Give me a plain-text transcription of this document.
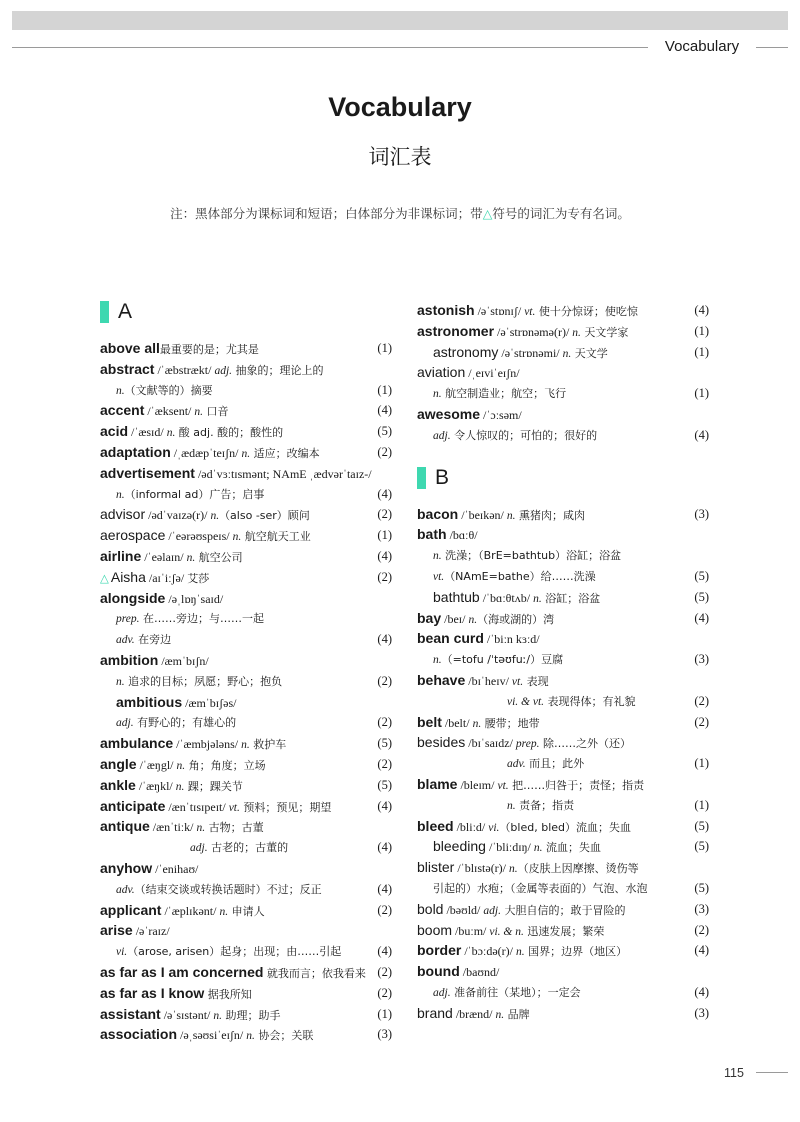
Vocabulary
Vocabulary
词汇表
注：黑体部分为课标词和短语；白体部分为非课标词；带△符号的词汇为专有名词。
A
above all最重要的是；尤其是	(1)
abstract /ˈæbstrækt/ adj. 抽象的；理论上的
n.（文献等的）摘要	(1)
accent /ˈæksent/ n. 口音	(4)
acid /ˈæsɪd/ n. 酸 adj. 酸的；酸性的	(5)
adaptation /ˌædæpˈteɪʃn/ n. 适应；改编本	(2)
advertisement /ədˈvɜːtɪsmənt; NAmE ˌædvərˈtaɪz-/
n.（informal ad）广告；启事	(4)
advisor /ədˈvaɪzə(r)/ n.（also -ser）顾问	(2)
aerospace /ˈeərəʊspeɪs/ n. 航空航天工业	(1)
airline /ˈeəlaɪn/ n. 航空公司	(4)
△ Aisha /aɪˈiːʃə/ 艾莎	(2)
alongside /əˌlɒŋˈsaɪd/
prep. 在……旁边；与……一起
adv. 在旁边	(4)
ambition /æmˈbɪʃn/
n. 追求的目标；夙愿；野心；抱负	(2)
ambitious /æmˈbɪʃəs/
adj. 有野心的；有雄心的	(2)
ambulance /ˈæmbjələns/ n. 救护车	(5)
angle /ˈæŋgl/ n. 角；角度；立场	(2)
ankle /ˈæŋkl/ n. 踝；踝关节	(5)
anticipate /ænˈtɪsɪpeɪt/ vt. 预料；预见；期望	(4)
antique /ænˈtiːk/ n. 古物；古董
adj. 古老的；古董的	(4)
anyhow /ˈenihaʊ/
adv.（结束交谈或转换话题时）不过；反正	(4)
applicant /ˈæplɪkənt/ n. 申请人	(2)
arise /əˈraɪz/
vi.（arose, arisen）起身；出现；由……引起	(4)
as far as I am concerned 就我而言；依我看来 (2)
as far as I know 据我所知	(2)
assistant /əˈsɪstənt/ n. 助理；助手	(1)
association /əˌsəʊsiˈeɪʃn/ n. 协会；关联	(3)
astonish /əˈstɒnɪʃ/ vt. 使十分惊讶；使吃惊	(4)
astronomer /əˈstrɒnəmə(r)/ n. 天文学家	(1)
astronomy /əˈstrɒnəmi/ n. 天文学	(1)
aviation /ˌeɪviˈeɪʃn/
n. 航空制造业；航空；飞行	(1)
awesome /ˈɔːsəm/
adj. 令人惊叹的；可怕的；很好的	(4)
B
bacon /ˈbeɪkən/ n. 熏猪肉；咸肉	(3)
bath /bɑːθ/
n. 洗澡；（BrE=bathtub）浴缸；浴盆
vt.（NAmE=bathe）给……洗澡	(5)
bathtub /ˈbɑːθtʌb/ n. 浴缸；浴盆	(5)
bay /beɪ/ n.（海或湖的）湾	(4)
bean curd /ˈbiːn kɜːd/
n.（=tofu /ˈtəʊfuː/）豆腐	(3)
behave /bɪˈheɪv/ vt. 表现
vi. & vt. 表现得体；有礼貌	(2)
belt /belt/ n. 腰带；地带	(2)
besides /bɪˈsaɪdz/ prep. 除……之外（还）
adv. 而且；此外	(1)
blame /bleɪm/ vt. 把……归咎于；责怪；指责
n. 责备；指责	(1)
bleed /bliːd/ vi.（bled, bled）流血；失血	(5)
bleeding /ˈbliːdɪŋ/ n. 流血；失血	(5)
blister /ˈblɪstə(r)/ n.（皮肤上因摩擦、烫伤等
引起的）水疱；（金属等表面的）气泡、水泡	(5)
bold /bəʊld/ adj. 大胆自信的；敢于冒险的	(3)
boom /buːm/ vi. & n. 迅速发展；繁荣	(2)
border /ˈbɔːdə(r)/ n. 国界；边界（地区）	(4)
bound /baʊnd/
adj. 准备前往（某地）；一定会	(4)
brand /brænd/ n. 品牌	(3)
115
